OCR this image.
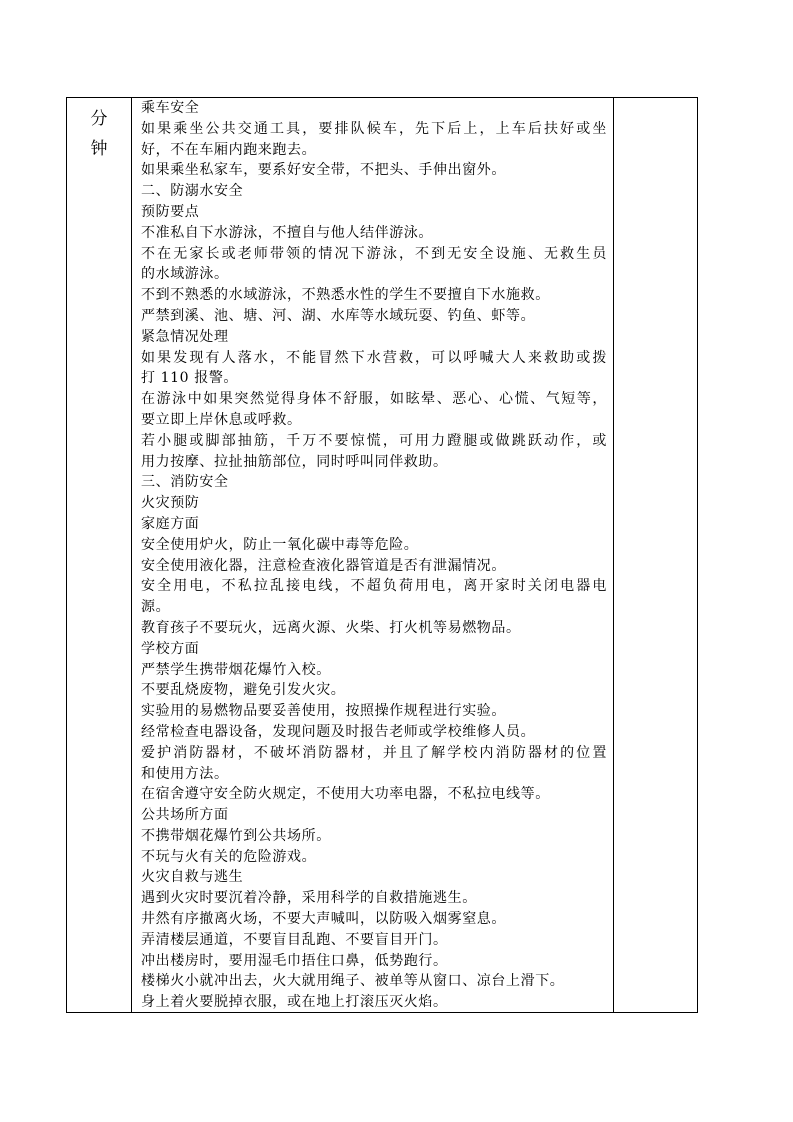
分
钟
乘车安全
如果乘坐公共交通工具，要排队候车，先下后上，上车后扶好或坐
好，不在车厢内跑来跑去。
如果乘坐私家车，要系好安全带，不把头、手伸出窗外。
二、防溺水安全
预防要点
不准私自下水游泳，不擅自与他人结伴游泳。
不在无家长或老师带领的情况下游泳，不到无安全设施、无救生员
的水域游泳。
不到不熟悉的水域游泳，不熟悉水性的学生不要擅自下水施救。
严禁到溪、池、塘、河、湖、水库等水域玩耍、钓鱼、虾等。
紧急情况处理
如果发现有人落水，不能冒然下水营救，可以呼喊大人来救助或拨
打 110 报警。
在游泳中如果突然觉得身体不舒服，如眩晕、恶心、心慌、气短等，
要立即上岸休息或呼救。
若小腿或脚部抽筋，千万不要惊慌，可用力蹬腿或做跳跃动作，或
用力按摩、拉扯抽筋部位，同时呼叫同伴救助。
三、消防安全
火灾预防
家庭方面
安全使用炉火，防止一氧化碳中毒等危险。
安全使用液化器，注意检查液化器管道是否有泄漏情况。
安全用电，不私拉乱接电线，不超负荷用电，离开家时关闭电器电
源。
教育孩子不要玩火，远离火源、火柴、打火机等易燃物品。
学校方面
严禁学生携带烟花爆竹入校。
不要乱烧废物，避免引发火灾。
实验用的易燃物品要妥善使用，按照操作规程进行实验。
经常检查电器设备，发现问题及时报告老师或学校维修人员。
爱护消防器材，不破坏消防器材，并且了解学校内消防器材的位置
和使用方法。
在宿舍遵守安全防火规定，不使用大功率电器，不私拉电线等。
公共场所方面
不携带烟花爆竹到公共场所。
不玩与火有关的危险游戏。
火灾自救与逃生
遇到火灾时要沉着冷静，采用科学的自救措施逃生。
井然有序撤离火场，不要大声喊叫，以防吸入烟雾窒息。
弄清楼层通道，不要盲目乱跑、不要盲目开门。
冲出楼房时，要用湿毛巾捂住口鼻，低势跑行。
楼梯火小就冲出去，火大就用绳子、被单等从窗口、凉台上滑下。
身上着火要脱掉衣服，或在地上打滚压灭火焰。
